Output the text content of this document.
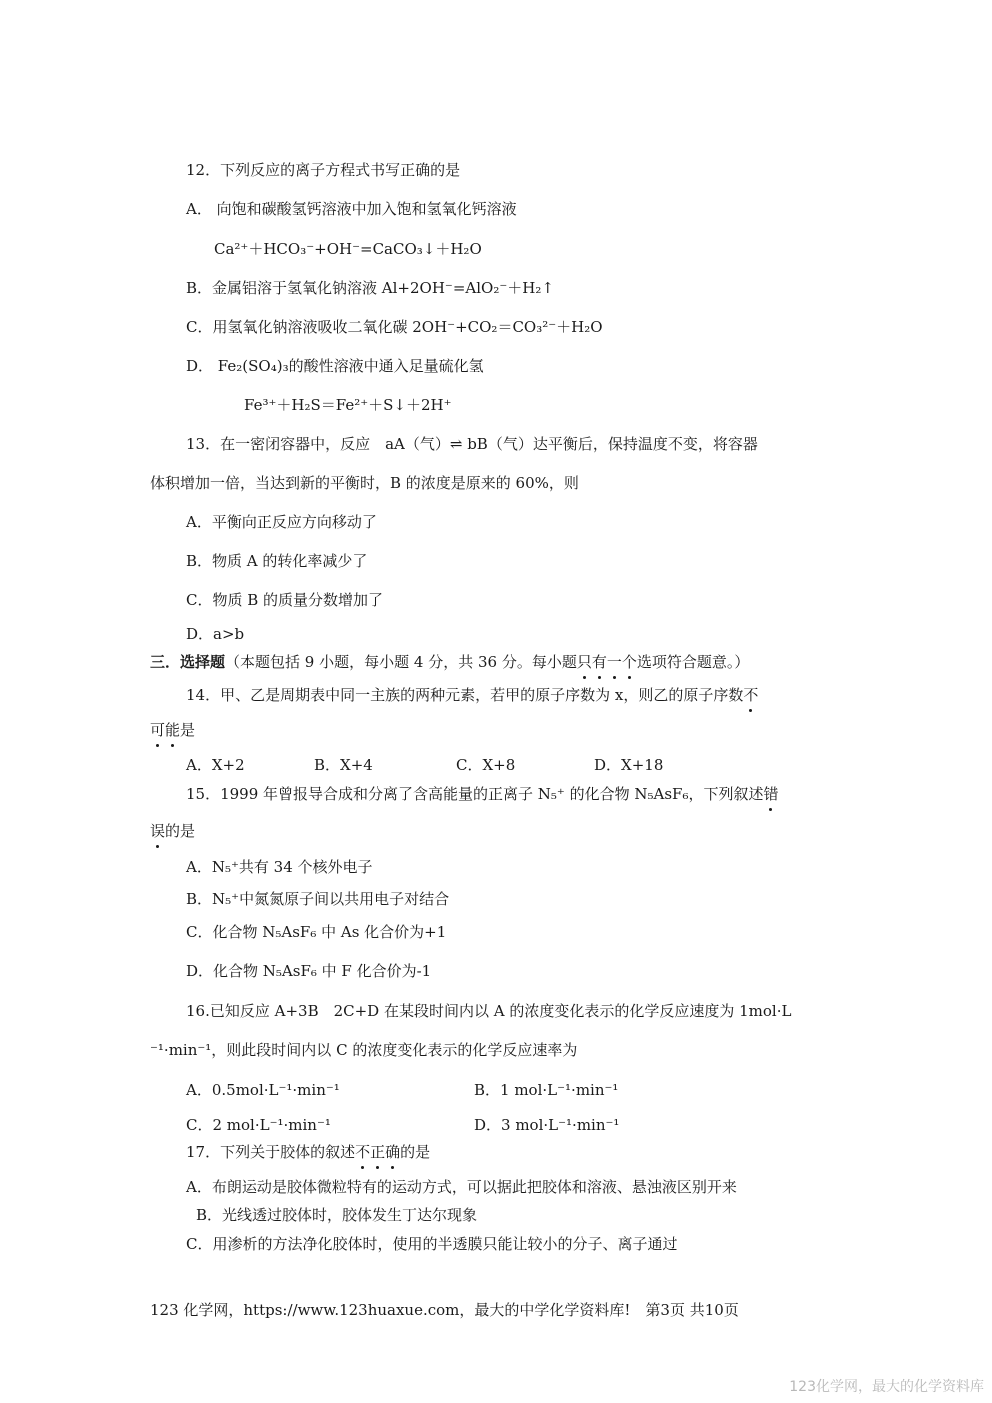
12．下列反应的离子方程式书写正确的是
A． 向饱和碳酸氢钙溶液中加入饱和氢氧化钙溶液
Ca²⁺＋HCO₃⁻+OH⁻=CaCO₃↓＋H₂O
B．金属铝溶于氢氧化钠溶液 Al+2OH⁻=AlO₂⁻＋H₂↑
C．用氢氧化钠溶液吸收二氧化碳 2OH⁻+CO₂＝CO₃²⁻＋H₂O
D． Fe₂(SO₄)₃的酸性溶液中通入足量硫化氢
Fe³⁺＋H₂S＝Fe²⁺＋S↓＋2H⁺
13．在一密闭容器中，反应　aA（气）⇌ bB（气）达平衡后，保持温度不变，将容器
体积增加一倍，当达到新的平衡时，B 的浓度是原来的 60%，则
A．平衡向正反应方向移动了
B．物质 A 的转化率减少了
C．物质 B 的质量分数增加了
D．a>b
三．选择题（本题包括 9 小题，每小题 4 分，共 36 分。每小题只有一个选项符合题意。）
14．甲、乙是周期表中同一主族的两种元素，若甲的原子序数为 x，则乙的原子序数不
可能是
A．X+2	B．X+4	C．X+8	D．X+18
15．1999 年曾报导合成和分离了含高能量的正离子 N₅⁺ 的化合物 N₅AsF₆，下列叙述错
误的是
A．N₅⁺共有 34 个核外电子
B．N₅⁺中氮氮原子间以共用电子对结合
C．化合物 N₅AsF₆ 中 As 化合价为+1
D．化合物 N₅AsF₆ 中 F 化合价为-1
16.已知反应 A+3B　2C+D 在某段时间内以 A 的浓度变化表示的化学反应速度为 1mol·L
⁻¹·min⁻¹，则此段时间内以 C 的浓度变化表示的化学反应速率为
A．0.5mol·L⁻¹·min⁻¹	B．1 mol·L⁻¹·min⁻¹
C．2 mol·L⁻¹·min⁻¹	D．3 mol·L⁻¹·min⁻¹
17．下列关于胶体的叙述不正确的是
A．布朗运动是胶体微粒特有的运动方式，可以据此把胶体和溶液、悬浊液区别开来
B．光线透过胶体时，胶体发生丁达尔现象
C．用渗析的方法净化胶体时，使用的半透膜只能让较小的分子、离子通过
123 化学网，https://www.123huaxue.com，最大的中学化学资料库!　第3页 共10页
123化学网，最大的化学资料库
